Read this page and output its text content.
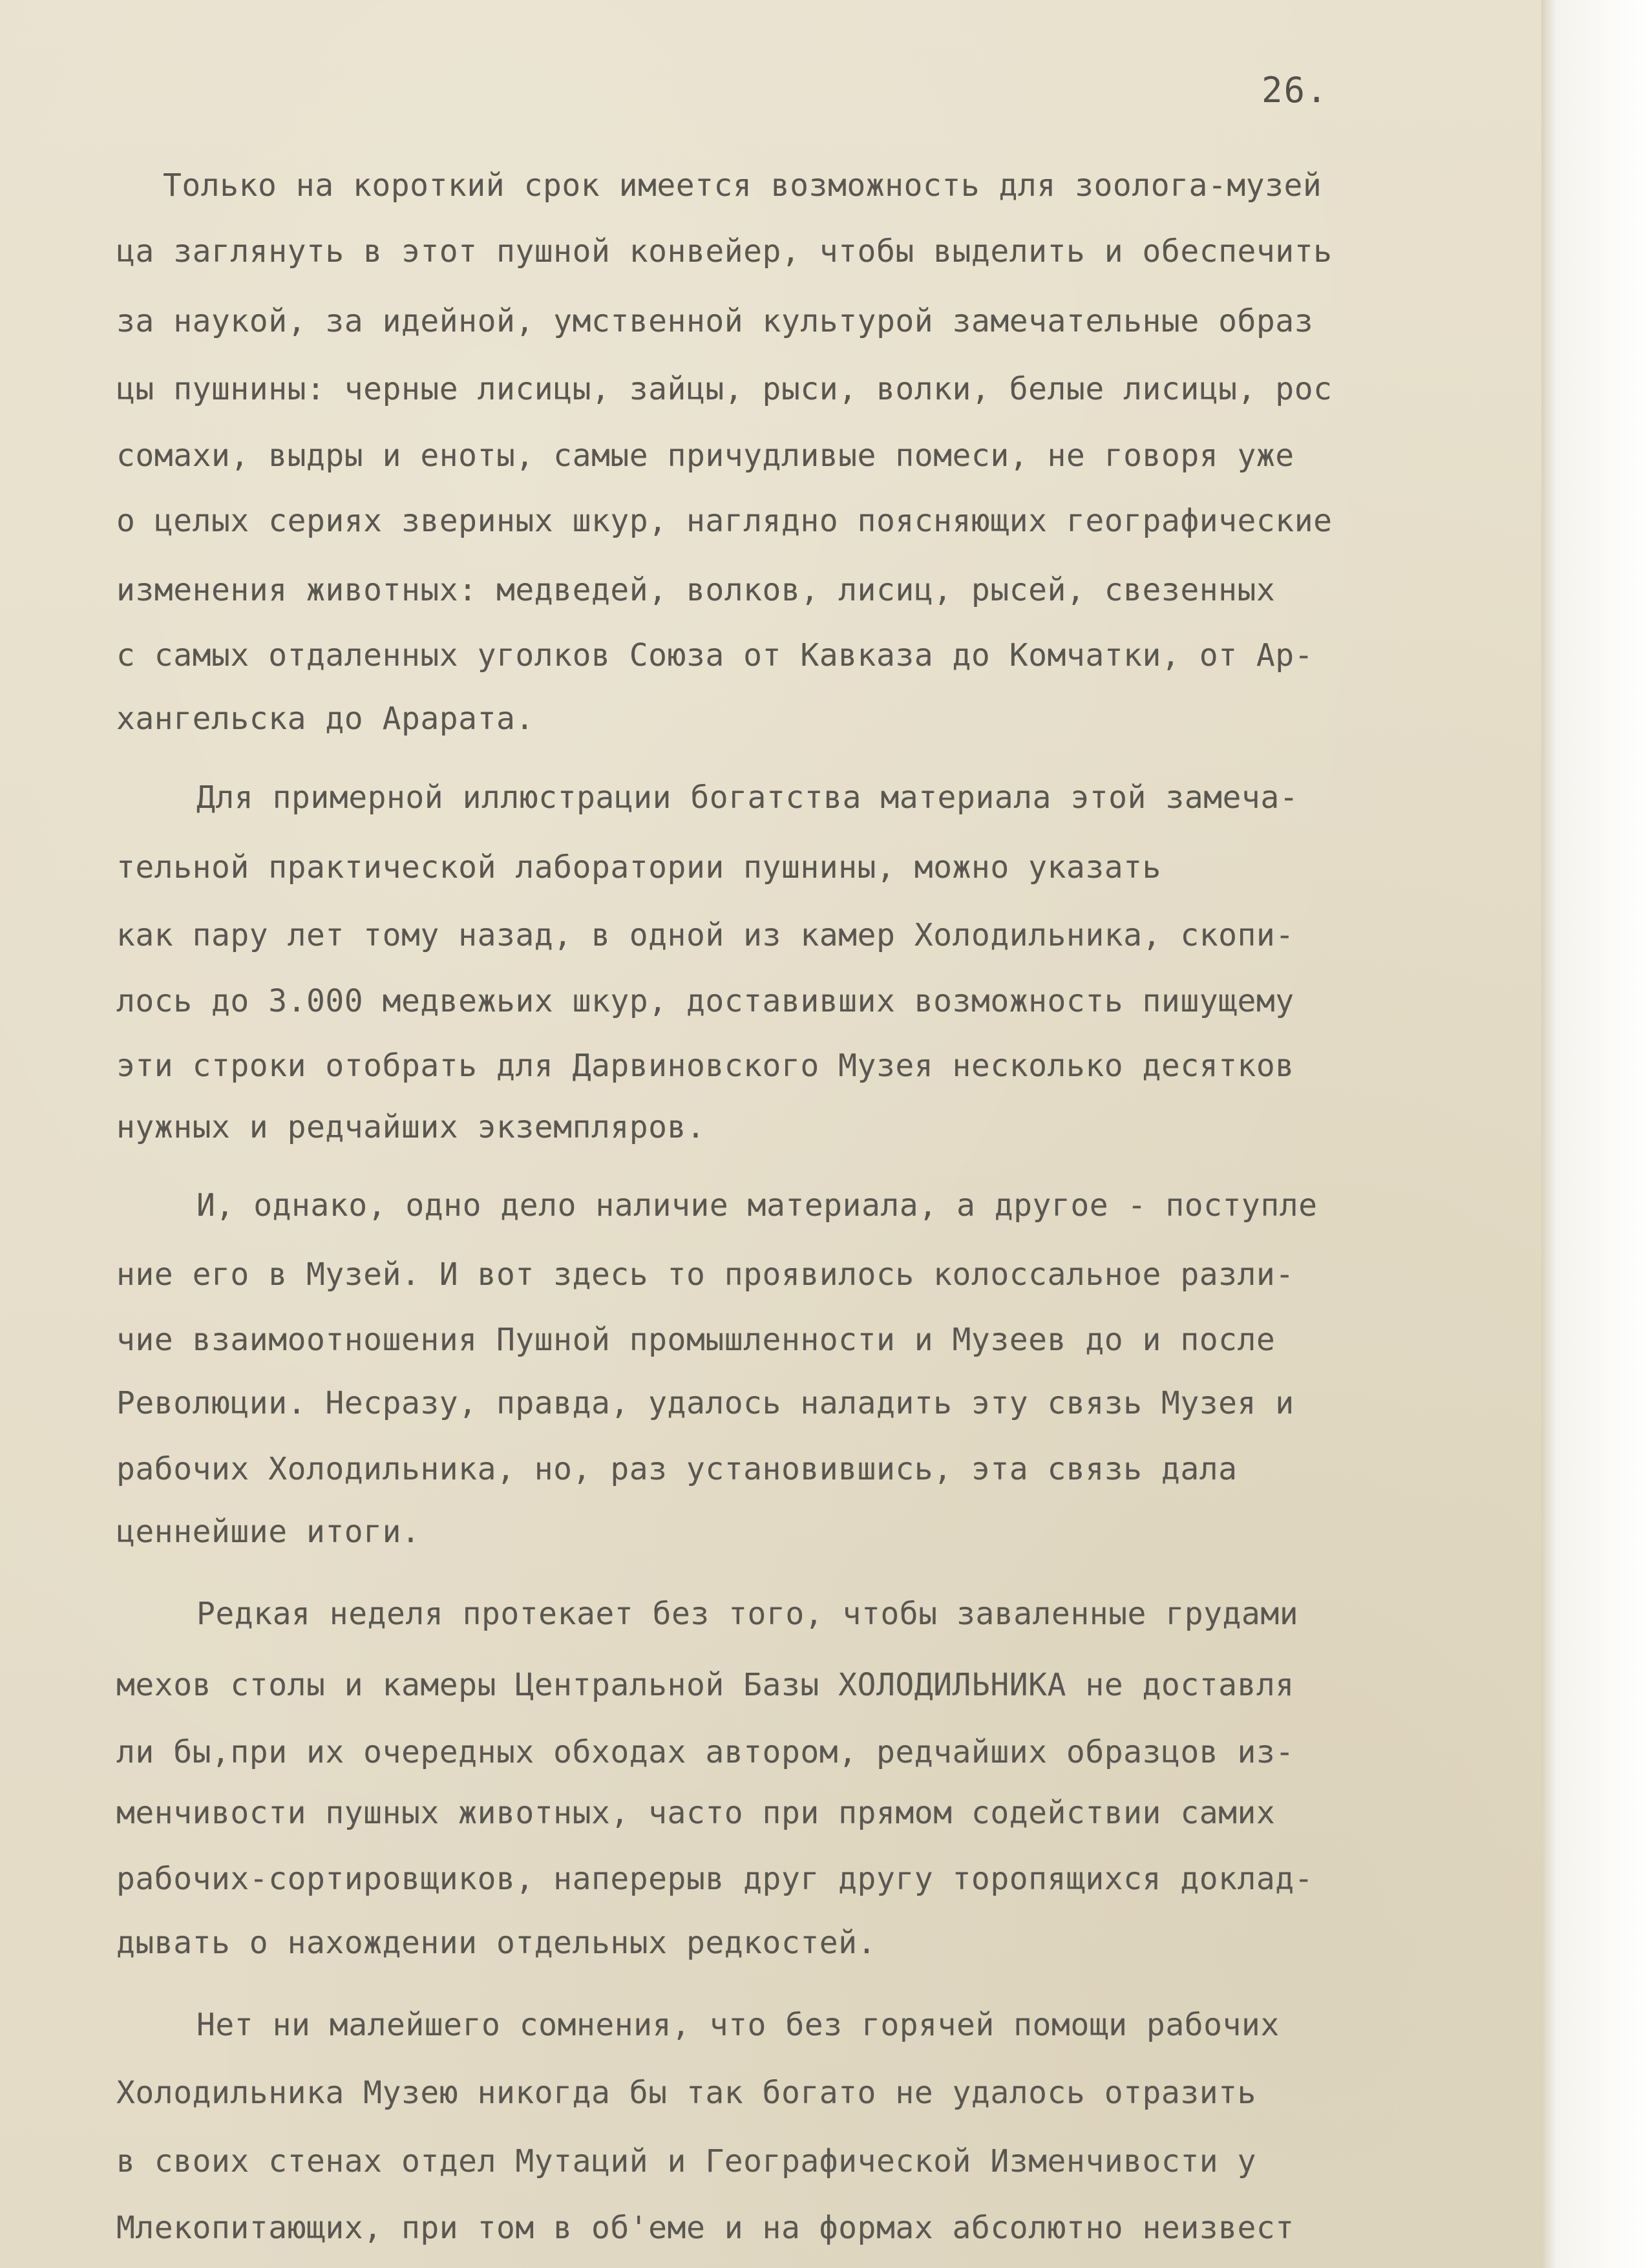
26.
Только на короткий срок имеется возможность для зоолога-музей
ца заглянуть в этот пушной конвейер, чтобы выделить и обеспечить
за наукой, за идейной, умственной культурой замечательные образ
цы пушнины: черные лисицы, зайцы, рыси, волки, белые лисицы, рос
сомахи, выдры и еноты, самые причудливые помеси, не говоря уже
о целых сериях звериных шкур, наглядно поясняющих географические
изменения животных: медведей, волков, лисиц, рысей, свезенных
с самых отдаленных уголков Союза от Кавказа до Комчатки, от Ар-
хангельска до Арарата.
Для примерной иллюстрации богатства материала этой замеча-
тельной практической лаборатории пушнины, можно указать
как пару лет тому назад, в одной из камер Холодильника, скопи-
лось до 3.000 медвежьих шкур, доставивших возможность пишущему
эти строки отобрать для Дарвиновского Музея несколько десятков
нужных и редчайших экземпляров.
И, однако, одно дело наличие материала, а другое - поступле
ние его в Музей. И вот здесь то проявилось колоссальное разли-
чие взаимоотношения Пушной промышленности и Музеев до и после
Революции. Несразу, правда, удалось наладить эту связь Музея и
рабочих Холодильника, но, раз установившись, эта связь дала
ценнейшие итоги.
Редкая неделя протекает без того, чтобы заваленные грудами
мехов столы и камеры Центральной Базы ХОЛОДИЛЬНИКА не доставля
ли бы,при их очередных обходах автором, редчайших образцов из-
менчивости пушных животных, часто при прямом содействии самих
рабочих-сортировщиков, наперерыв друг другу торопящихся доклад-
дывать о нахождении отдельных редкостей.
Нет ни малейшего сомнения, что без горячей помощи рабочих
Холодильника Музею никогда бы так богато не удалось отразить
в своих стенах отдел Мутаций и Географической Изменчивости у
Млекопитающих, при том в об'еме и на формах абсолютно неизвест
